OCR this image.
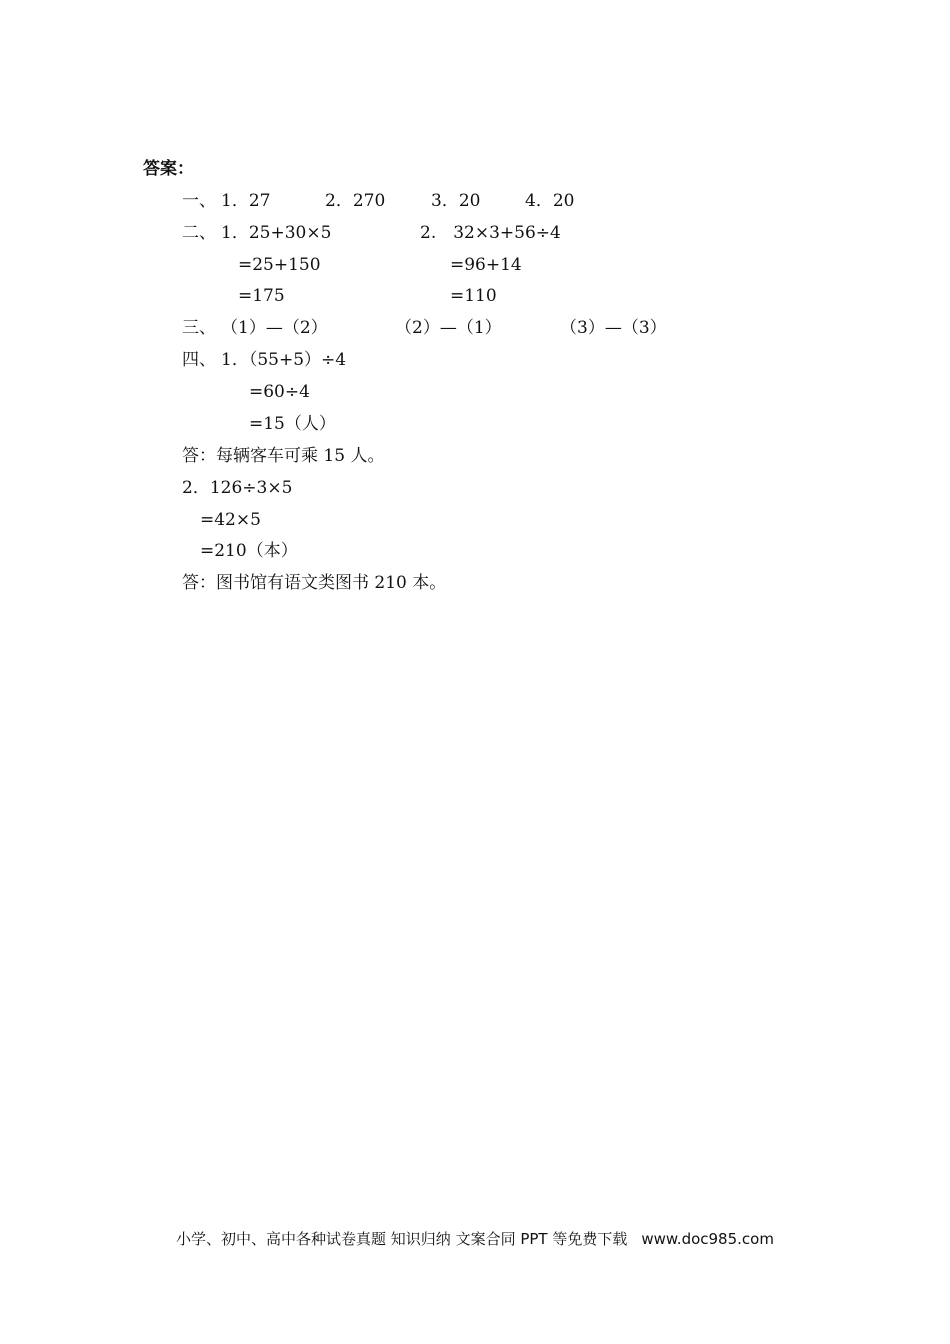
答案：
一、 1．27	2．270	3．20	4．20
二、 1．25+30×5	2.　32×3+56÷4
=25+150	=96+14
=175	=110
三、 （1）—（2）	（2）—（1）	（3）—（3）
四、 1．（55+5）÷4
=60÷4
=15（人）
答：每辆客车可乘 15 人。
2．126÷3×5
=42×5
=210（本）
答：图书馆有语文类图书 210 本。
小学、初中、高中各种试卷真题 知识归纳 文案合同 PPT 等免费下载 www.doc985.com
